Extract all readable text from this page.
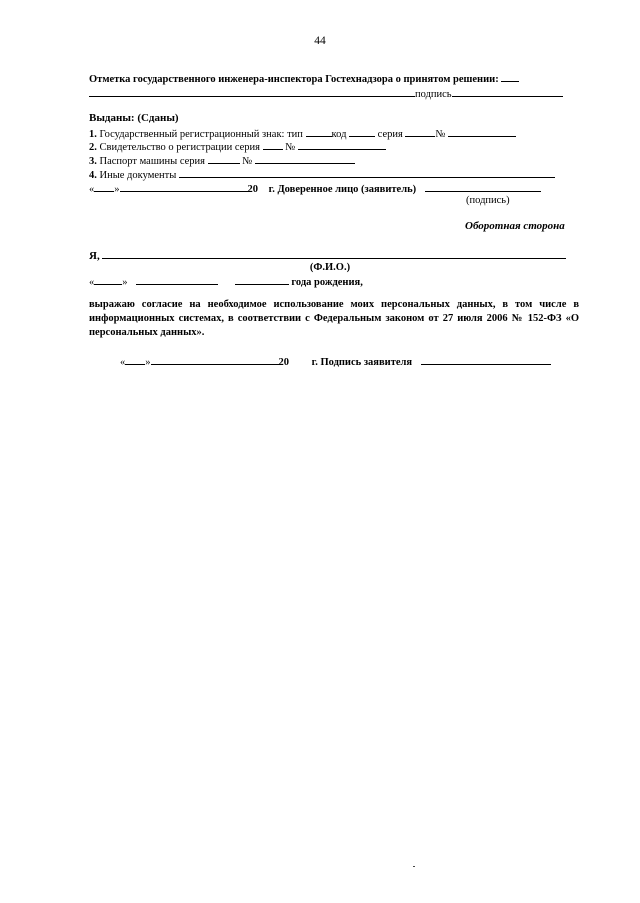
44
Отметка государственного инженера-инспектора Гостехнадзора о принятом решении:
подпись
Выданы: (Сданы)
1. Государственный регистрационный знак: тип	код	серия	№
2. Свидетельство о регистрации серия №
3. Паспорт машины серия	№
4. Иные документы
« »	20 г. Доверенное лицо (заявитель)
(подпись)
Оборотная сторона
Я,
(Ф.И.О.)
«	»	года рождения,
выражаю согласие на необходимое использование моих персональных данных, в том числе в информационных системах, в соответствии с Федеральным законом от 27 июля 2006 № 152-ФЗ «О персональных данных».
« »	20 г. Подпись заявителя
